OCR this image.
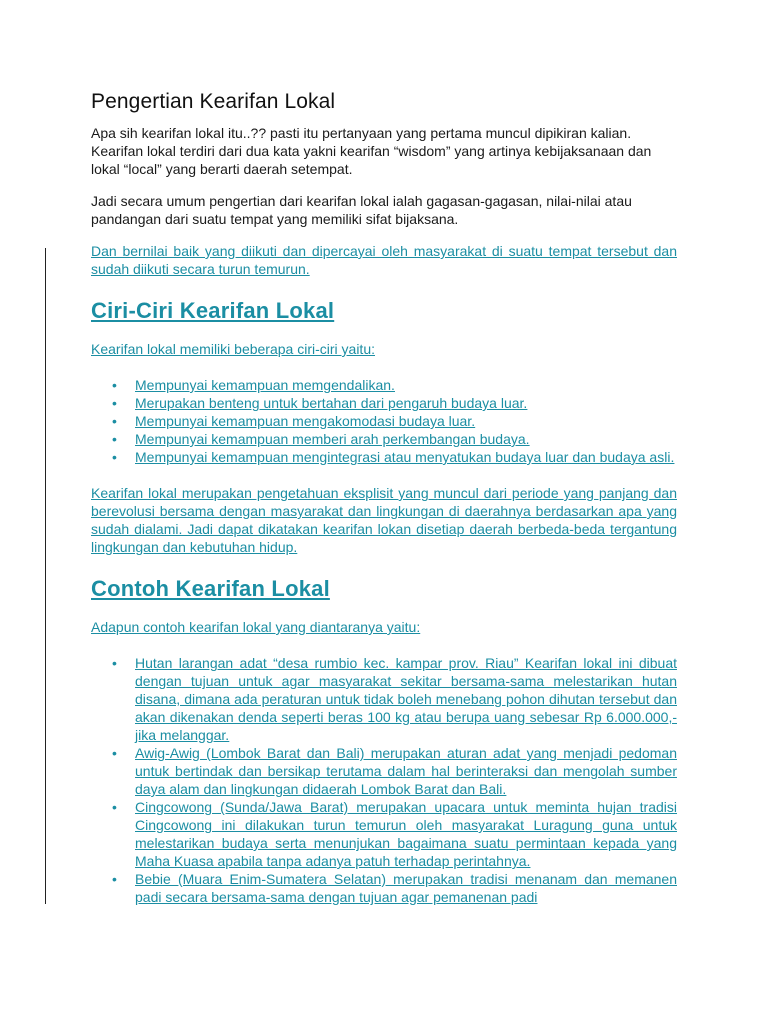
Pengertian Kearifan Lokal

Apa sih kearifan lokal itu..?? pasti itu pertanyaan yang pertama muncul dipikiran kalian.

Kearifan lokal terdiri dari dua kata yakni kearifan “wisdom” yang artinya kebijaksanaan dan lokal “local” yang berarti daerah setempat.

Jadi secara umum pengertian dari kearifan lokal ialah gagasan-gagasan, nilai-nilai atau pandangan dari suatu tempat yang memiliki sifat bijaksana.

Dan bernilai baik yang diikuti dan dipercayai oleh masyarakat di suatu tempat tersebut dan sudah diikuti secara turun temurun.

Ciri-Ciri Kearifan Lokal

Kearifan lokal memiliki beberapa ciri-ciri yaitu:

• Mempunyai kemampuan memgendalikan.
• Merupakan benteng untuk bertahan dari pengaruh budaya luar.
• Mempunyai kemampuan mengakomodasi budaya luar.
• Mempunyai kemampuan memberi arah perkembangan budaya.
• Mempunyai kemampuan mengintegrasi atau menyatukan budaya luar dan budaya asli.

Kearifan lokal merupakan pengetahuan eksplisit yang muncul dari periode yang panjang dan berevolusi bersama dengan masyarakat dan lingkungan di daerahnya berdasarkan apa yang sudah dialami. Jadi dapat dikatakan kearifan lokan disetiap daerah berbeda-beda tergantung lingkungan dan kebutuhan hidup.

Contoh Kearifan Lokal

Adapun contoh kearifan lokal yang diantaranya yaitu:

• Hutan larangan adat “desa rumbio kec. kampar prov. Riau” Kearifan lokal ini dibuat dengan tujuan untuk agar masyarakat sekitar bersama-sama melestarikan hutan disana, dimana ada peraturan untuk tidak boleh menebang pohon dihutan tersebut dan akan dikenakan denda seperti beras 100 kg atau berupa uang sebesar Rp 6.000.000,- jika melanggar.
• Awig-Awig (Lombok Barat dan Bali) merupakan aturan adat yang menjadi pedoman untuk bertindak dan bersikap terutama dalam hal berinteraksi dan mengolah sumber daya alam dan lingkungan didaerah Lombok Barat dan Bali.
• Cingcowong (Sunda/Jawa Barat) merupakan upacara untuk meminta hujan tradisi Cingcowong ini dilakukan turun temurun oleh masyarakat Luragung guna untuk melestarikan budaya serta menunjukan bagaimana suatu permintaan kepada yang Maha Kuasa apabila tanpa adanya patuh terhadap perintahnya.
• Bebie (Muara Enim-Sumatera Selatan) merupakan tradisi menanam dan memanen padi secara bersama-sama dengan tujuan agar pemanenan padi
